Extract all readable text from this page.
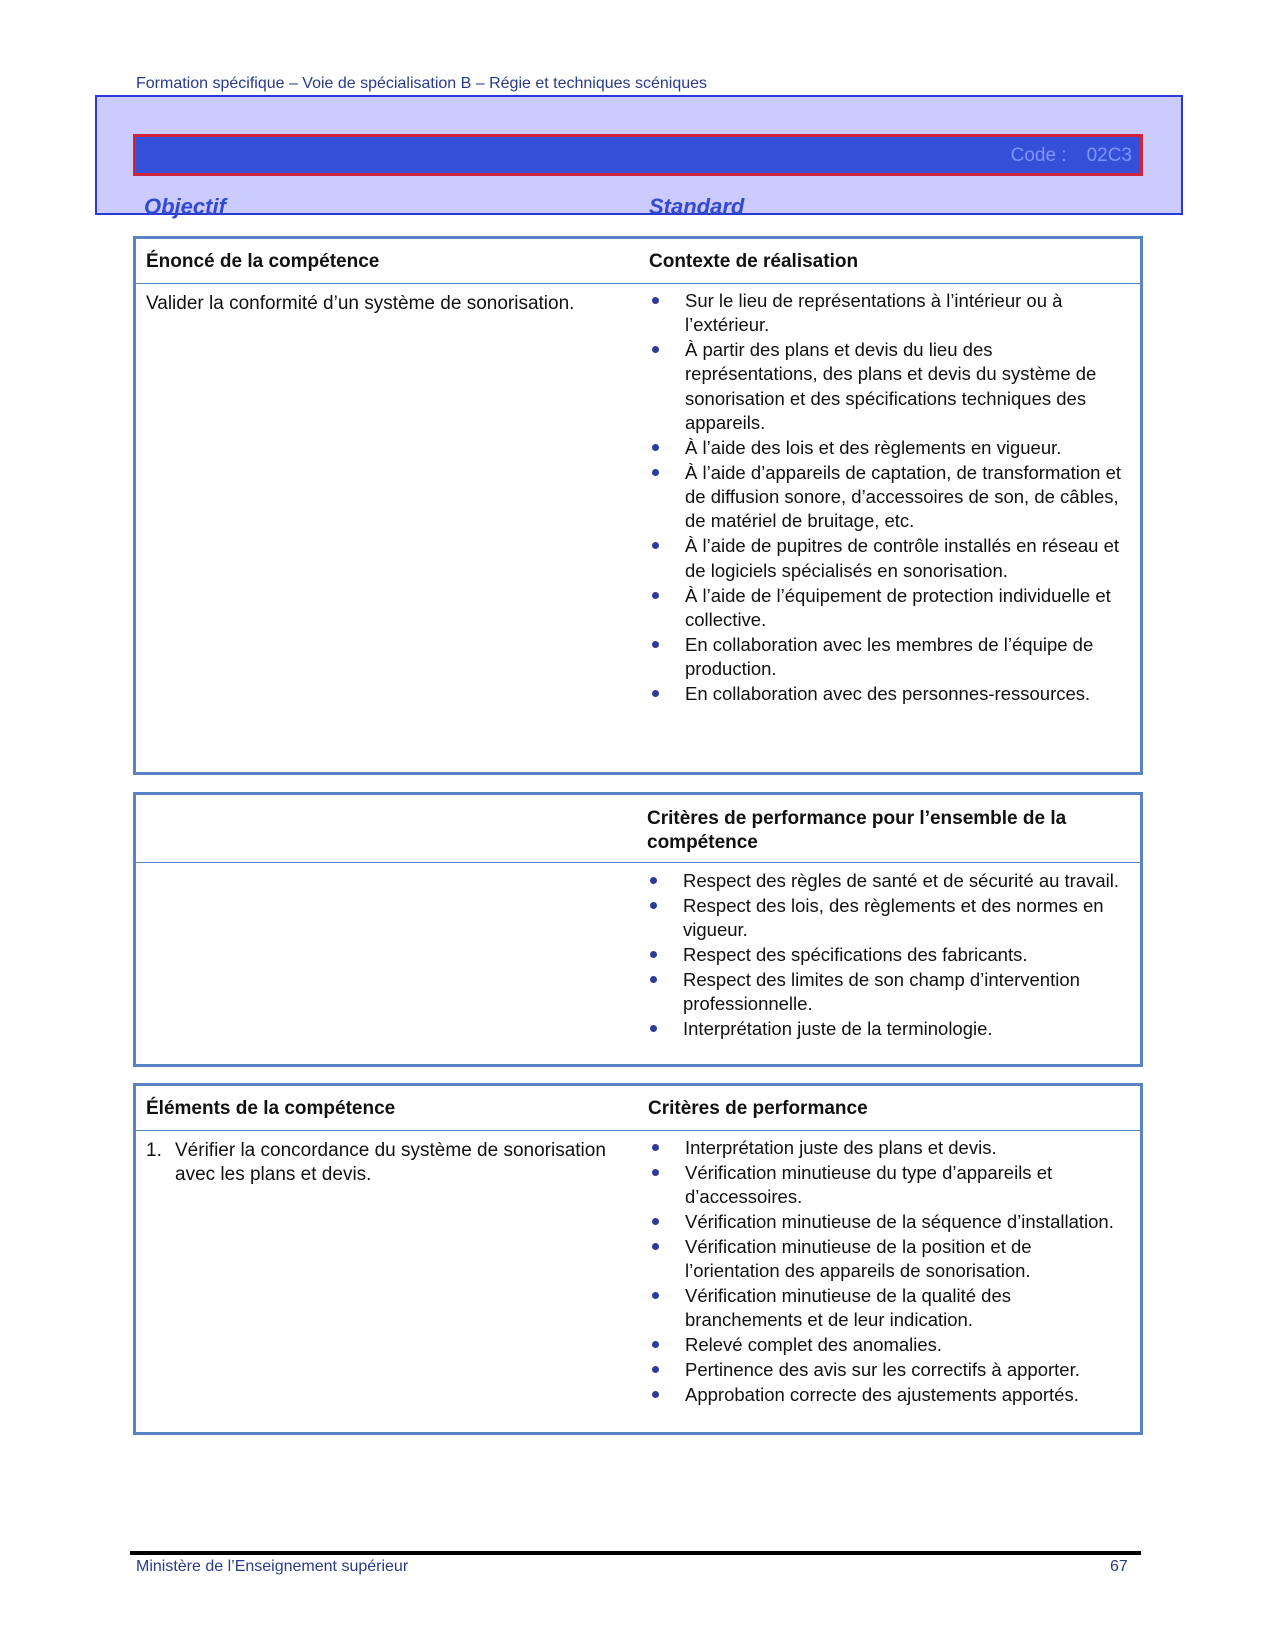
Formation spécifique – Voie de spécialisation B – Régie et techniques scéniques
Code : 02C3
Objectif	Standard
Énoncé de la compétence	Contexte de réalisation
Valider la conformité d’un système de sonorisation.	Sur le lieu de représentations à l’intérieur ou à l’extérieur.
À partir des plans et devis du lieu des représentations, des plans et devis du système de sonorisation et des spécifications techniques des appareils.
À l’aide des lois et des règlements en vigueur.
À l’aide d’appareils de captation, de transformation et de diffusion sonore, d’accessoires de son, de câbles, de matériel de bruitage, etc.
À l’aide de pupitres de contrôle installés en réseau et de logiciels spécialisés en sonorisation.
À l’aide de l’équipement de protection individuelle et collective.
En collaboration avec les membres de l’équipe de production.
En collaboration avec des personnes-ressources.
Critères de performance pour l’ensemble de la compétence
Respect des règles de santé et de sécurité au travail.
Respect des lois, des règlements et des normes en vigueur.
Respect des spécifications des fabricants.
Respect des limites de son champ d’intervention professionnelle.
Interprétation juste de la terminologie.
Éléments de la compétence	Critères de performance
1. Vérifier la concordance du système de sonorisation avec les plans et devis.
Interprétation juste des plans et devis.
Vérification minutieuse du type d’appareils et d’accessoires.
Vérification minutieuse de la séquence d’installation.
Vérification minutieuse de la position et de l’orientation des appareils de sonorisation.
Vérification minutieuse de la qualité des branchements et de leur indication.
Relevé complet des anomalies.
Pertinence des avis sur les correctifs à apporter.
Approbation correcte des ajustements apportés.
Ministère de l’Enseignement supérieur	67
